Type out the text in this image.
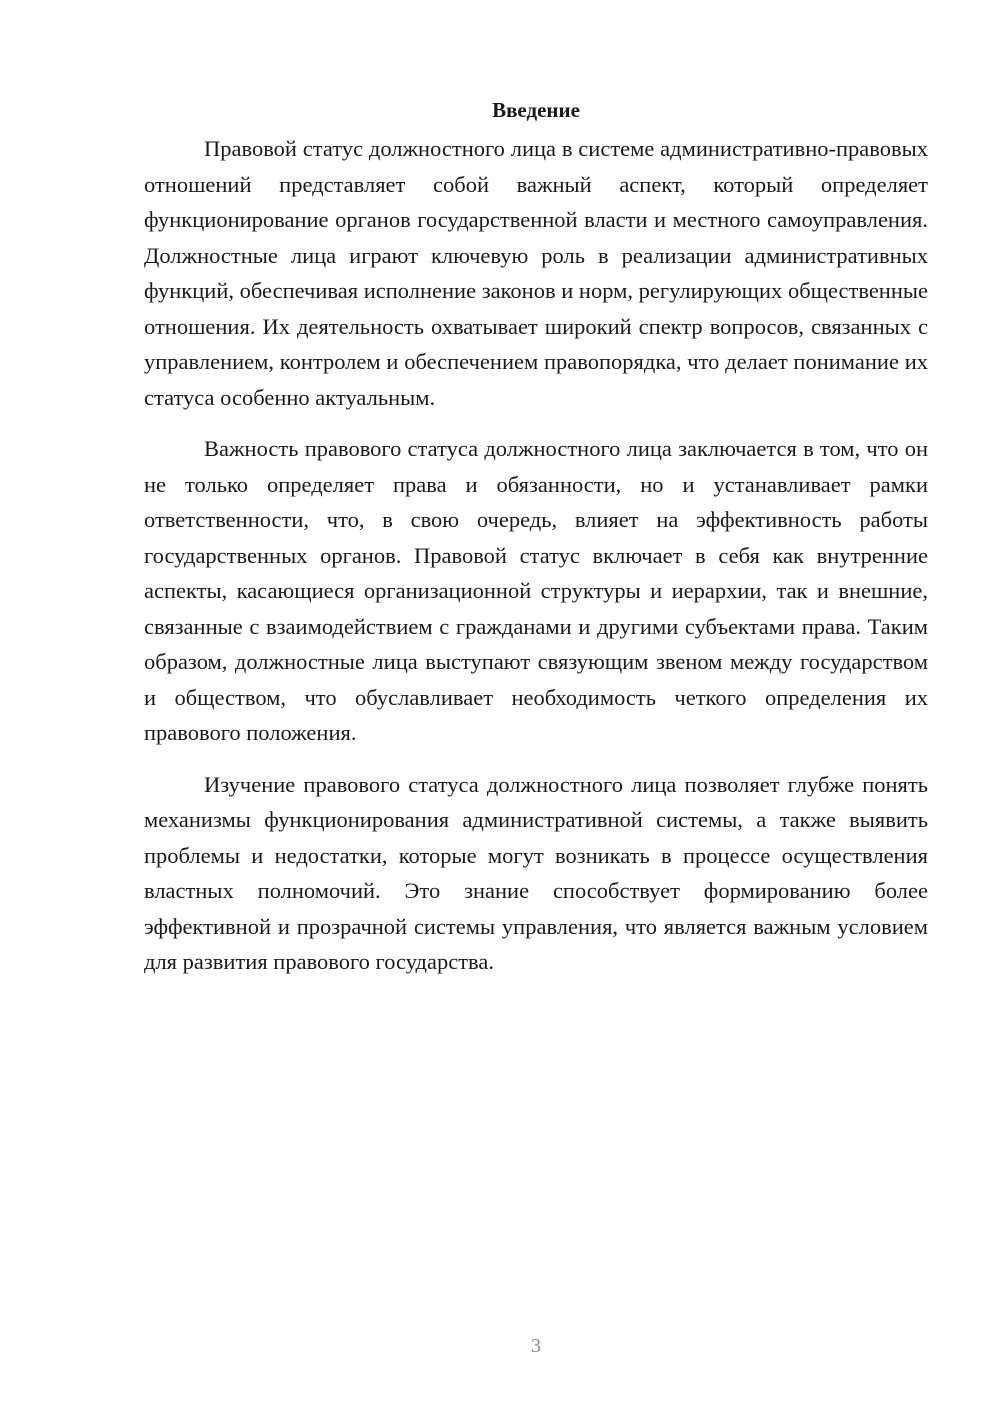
Введение

Правовой статус должностного лица в системе административно-правовых отношений представляет собой важный аспект, который определяет функционирование органов государственной власти и местного самоуправления. Должностные лица играют ключевую роль в реализации административных функций, обеспечивая исполнение законов и норм, регулирующих общественные отношения. Их деятельность охватывает широкий спектр вопросов, связанных с управлением, контролем и обеспечением правопорядка, что делает понимание их статуса особенно актуальным.

Важность правового статуса должностного лица заключается в том, что он не только определяет права и обязанности, но и устанавливает рамки ответственности, что, в свою очередь, влияет на эффективность работы государственных органов. Правовой статус включает в себя как внутренние аспекты, касающиеся организационной структуры и иерархии, так и внешние, связанные с взаимодействием с гражданами и другими субъектами права. Таким образом, должностные лица выступают связующим звеном между государством и обществом, что обуславливает необходимость четкого определения их правового положения.

Изучение правового статуса должностного лица позволяет глубже понять механизмы функционирования административной системы, а также выявить проблемы и недостатки, которые могут возникать в процессе осуществления властных полномочий. Это знание способствует формированию более эффективной и прозрачной системы управления, что является важным условием для развития правового государства.

3
